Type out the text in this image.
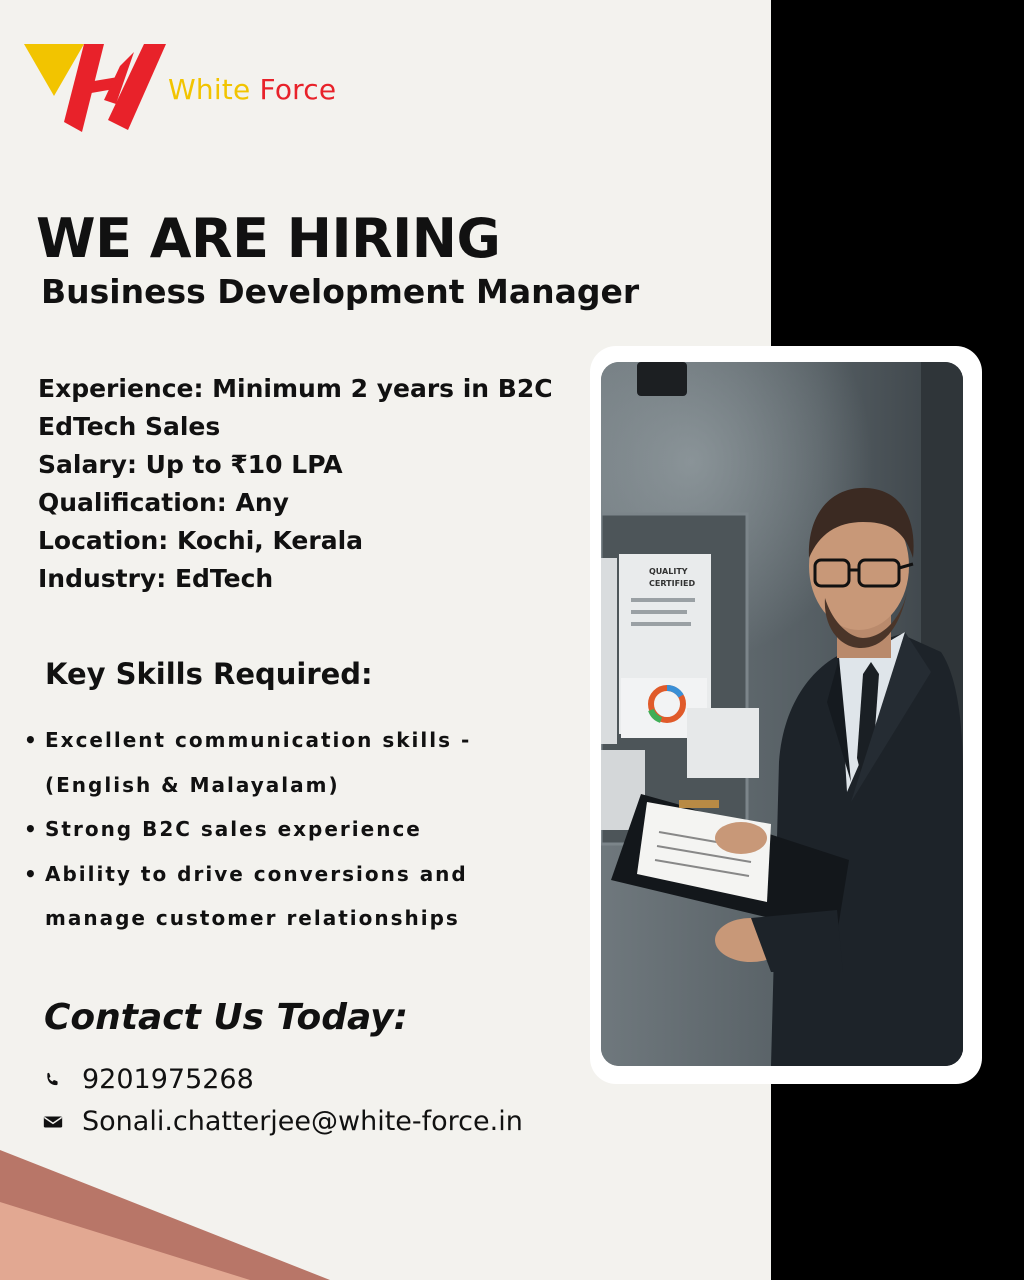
White Force
WE ARE HIRING
Business Development Manager
Experience: Minimum 2 years in B2C
EdTech Sales
Salary: Up to ₹10 LPA
Qualification: Any
Location: Kochi, Kerala
Industry: EdTech
Key Skills Required:
• Excellent communication skills - (English & Malayalam)
• Strong B2C sales experience
• Ability to drive conversions and manage customer relationships
Contact Us Today:
9201975268
Sonali.chatterjee@white-force.in
QUALITY
CERTIFIED
